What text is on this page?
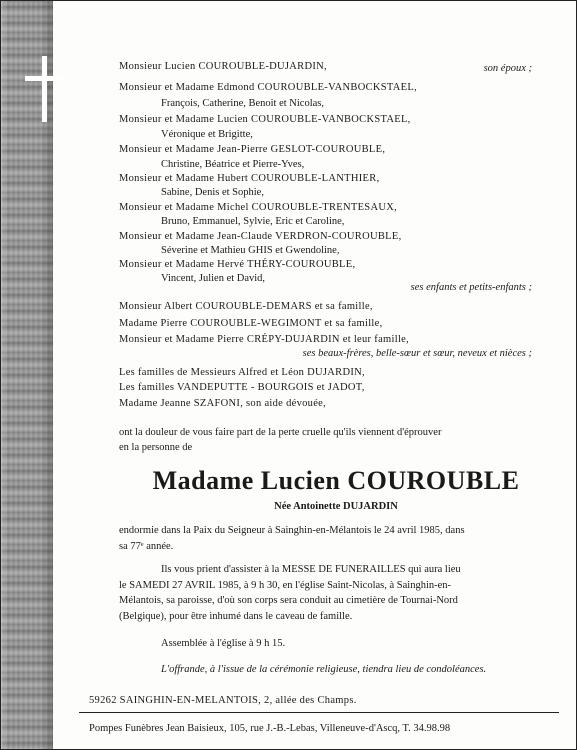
Monsieur Lucien COUROUBLE-DUJARDIN,	son époux ;
Monsieur et Madame Edmond COUROUBLE-VANBOCKSTAEL,
François, Catherine, Benoit et Nicolas,
Monsieur et Madame Lucien COUROUBLE-VANBOCKSTAEL,
Véronique et Brigitte,
Monsieur et Madame Jean-Pierre GESLOT-COUROUBLE,
Christine, Béatrice et Pierre-Yves,
Monsieur et Madame Hubert COUROUBLE-LANTHIER,
Sabine, Denis et Sophie,
Monsieur et Madame Michel COUROUBLE-TRENTESAUX,
Bruno, Emmanuel, Sylvie, Eric et Caroline,
Monsieur et Madame Jean-Claude VERDRON-COUROUBLE,
Séverine et Mathieu GHIS et Gwendoline,
Monsieur et Madame Hervé THÉRY-COUROUBLE,
Vincent, Julien et David,
ses enfants et petits-enfants ;
Monsieur Albert COUROUBLE-DEMARS et sa famille,
Madame Pierre COUROUBLE-WEGIMONT et sa famille,
Monsieur et Madame Pierre CRÉPY-DUJARDIN et leur famille,
ses beaux-frères, belle-sœur et sœur, neveux et nièces ;
Les familles de Messieurs Alfred et Léon DUJARDIN,
Les familles VANDEPUTTE - BOURGOIS et JADOT,
Madame Jeanne SZAFONI, son aide dévouée,
ont la douleur de vous faire part de la perte cruelle qu'ils viennent d'éprouver
en la personne de
Madame Lucien COUROUBLE
Née Antoinette DUJARDIN
endormie dans la Paix du Seigneur à Sainghin-en-Mélantois le 24 avril 1985, dans
sa 77ᵉ année.
Ils vous prient d'assister à la MESSE DE FUNERAILLES qui aura lieu
le SAMEDI 27 AVRIL 1985, à 9 h 30, en l'église Saint-Nicolas, à Sainghin-en-
Mélantois, sa paroisse, d'où son corps sera conduit au cimetière de Tournai-Nord
(Belgique), pour être inhumé dans le caveau de famille.
Assemblée à l'église à 9 h 15.
L'offrande, à l'issue de la cérémonie religieuse, tiendra lieu de condoléances.
59262 SAINGHIN-EN-MELANTOIS, 2, allée des Champs.
Pompes Funèbres Jean Baisieux, 105, rue J.-B.-Lebas, Villeneuve-d'Ascq, T. 34.98.98
